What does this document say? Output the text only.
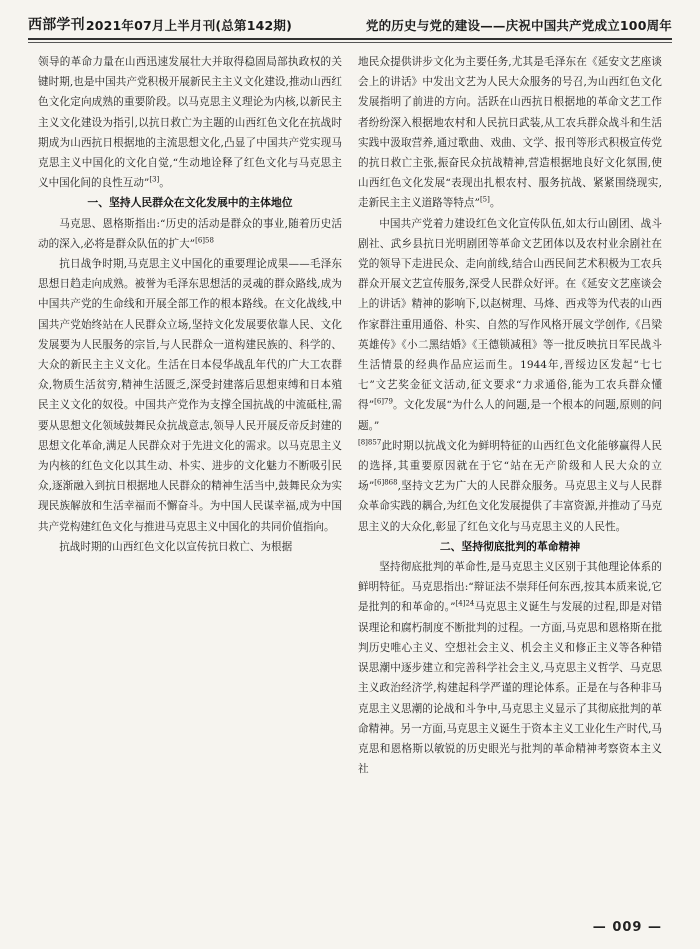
西部学刊 2021年07月上半月刊(总第142期)	党的历史与党的建设——庆祝中国共产党成立100周年

领导的革命力量在山西迅速发展壮大并取得稳固局部执政权的关键时期,也是中国共产党积极开展新民主主义文化建设,推动山西红色文化定向成熟的重要阶段。以马克思主义理论为内核,以新民主主义文化建设为指引,以抗日救亡为主题的山西红色文化在抗战时期成为山西抗日根据地的主流思想文化,凸显了中国共产党实现马克思主义中国化的文化自觉,“生动地诠释了红色文化与马克思主义中国化间的良性互动”[3]。

一、坚持人民群众在文化发展中的主体地位

马克思、恩格斯指出:“历史的活动是群众的事业,随着历史活动的深入,必将是群众队伍的扩大”$^{[6]58}$

抗日战争时期,马克思主义中国化的重要理论成果——毛泽东思想日趋走向成熟。被誉为毛泽东思想活的灵魂的群众路线,成为中国共产党的生命线和开展全部工作的根本路线。在文化战线,中国共产党始终站在人民群众立场,坚持文化发展要依靠人民、文化发展要为人民服务的宗旨,与人民群众一道构建民族的、科学的、大众的新民主主义文化。生活在日本侵华战乱年代的广大工农群众,物质生活贫穷,精神生活匮乏,深受封建落后思想束缚和日本殖民主义文化的奴役。中国共产党作为支撑全国抗战的中流砥柱,需要从思想文化领域鼓舞民众抗战意志,领导人民开展反帝反封建的思想文化革命,满足人民群众对于先进文化的需求。以马克思主义为内核的红色文化以其生动、朴实、进步的文化魅力不断吸引民众,逐渐融入到抗日根据地人民群众的精神生活当中,鼓舞民众为实现民族解放和生活幸福而不懈奋斗。为中国人民谋幸福,成为中国共产党构建红色文化与推进马克思主义中国化的共同价值指向。

抗战时期的山西红色文化以宣传抗日救亡、为根据

地民众提供讲步文化为主要任务,尤其是毛泽东在《延安文艺座谈会上的讲话》中发出文艺为人民大众服务的号召,为山西红色文化发展指明了前进的方向。活跃在山西抗日根据地的革命文艺工作者纷纷深入根据地农村和人民抗日武装,从工农兵群众战斗和生活实践中汲取营养,通过歌曲、戏曲、文学、报刊等形式积极宣传党的抗日救亡主张,振奋民众抗战精神,营造根据地良好文化氛围,使山西红色文化发展“表现出扎根农村、服务抗战、紧紧围绕现实,走新民主主义道路等特点”[5]。

中国共产党着力建设红色文化宣传队伍,如太行山剧团、战斗剧社、武乡县抗日光明剧团等革命文艺团体以及农村业余剧社在党的领导下走进民众、走向前线,结合山西民间艺术积极为工农兵群众开展文艺宣传服务,深受人民群众好评。在《延安文艺座谈会上的讲话》精神的影响下,以赵树理、马烽、西戎等为代表的山西作家群注重用通俗、朴实、自然的写作风格开展文学创作,《吕梁英雄传》《小二黑结婚》《王德锁减租》等一批反映抗日军民战斗生活情景的经典作品应运而生。1944年,晋绥边区发起“七七七”文艺奖金征文活动,征文要求“力求通俗,能为工农兵群众懂得”$^{[6]79}$。文化发展“为什么人的问题,是一个根本的问题,原则的问题。”

$^{[8]857}$此时期以抗战文化为鲜明特征的山西红色文化能够赢得人民的选择,其重要原因就在于它“站在无产阶级和人民大众的立场”$^{[6]868}$,坚持文艺为广大的人民群众服务。马克思主义与人民群众革命实践的耦合,为红色文化发展提供了丰富资源,并推动了马克思主义的大众化,彰显了红色文化与马克思主义的人民性。

二、坚持彻底批判的革命精神

坚持彻底批判的革命性,是马克思主义区别于其他理论体系的鲜明特征。马克思指出:“辩证法不崇拜任何东西,按其本质来说,它是批判的和革命的。”$^{[4]24}$马克思主义诞生与发展的过程,即是对错误理论和腐朽制度不断批判的过程。一方面,马克思和恩格斯在批判历史唯心主义、空想社会主义、机会主义和修正主义等各种错误思潮中逐步建立和完善科学社会主义,马克思主义哲学、马克思主义政治经济学,构建起科学严谨的理论体系。正是在与各种非马克思主义思潮的论战和斗争中,马克思主义显示了其彻底批判的革命精神。另一方面,马克思主义诞生于资本主义工业化生产时代,马克思和恩格斯以敏锐的历史眼光与批判的革命精神考察资本主义社

— 009 —
